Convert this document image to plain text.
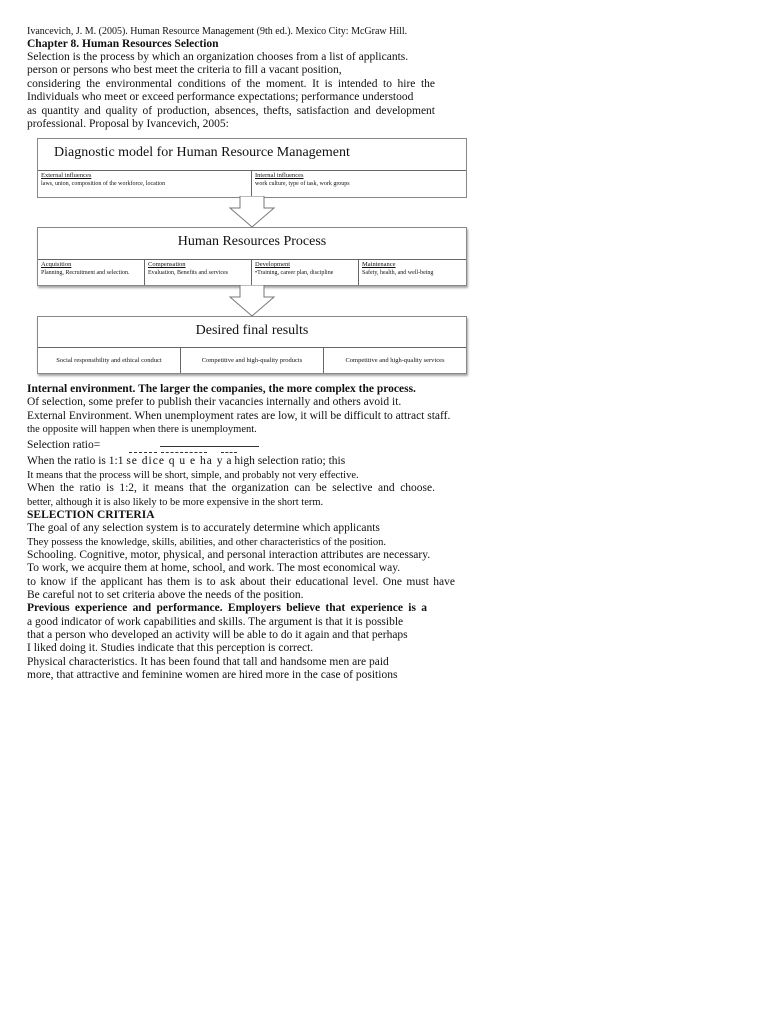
Ivancevich, J. M. (2005). Human Resource Management (9th ed.). Mexico City: McGraw Hill.
Chapter 8. Human Resources Selection
Selection is the process by which an organization chooses from a list of applicants.
person or persons who best meet the criteria to fill a vacant position,
considering the environmental conditions of the moment. It is intended to hire the
Individuals who meet or exceed performance expectations; performance understood
as quantity and quality of production, absences, thefts, satisfaction and development
professional. Proposal by Ivancevich, 2005:
Diagnostic model for Human Resource Management
External influences
laws, union, composition of the workforce, location
Internal influences
work culture, type of task, work groups
Human Resources Process
Acquisition
Planning, Recruitment and selection.
Compensation
Evaluation, Benefits and services
Development
•Training, career plan, discipline
Maintenance
Safety, health, and well-being
Desired final results
Social responsibility and ethical conduct	Competitive and high-quality products	Competitive and high-quality services
Internal environment. The larger the companies, the more complex the process.
Of selection, some prefer to publish their vacancies internally and others avoid it.
External Environment. When unemployment rates are low, it will be difficult to attract staff.
the opposite will happen when there is unemployment.
Selection ratio=
When the ratio is 1:1 se dice q u e ha y a high selection ratio; this
It means that the process will be short, simple, and probably not very effective.
When the ratio is 1:2, it means that the organization can be selective and choose.
better, although it is also likely to be more expensive in the short term.
SELECTION CRITERIA
The goal of any selection system is to accurately determine which applicants
They possess the knowledge, skills, abilities, and other characteristics of the position.
Schooling. Cognitive, motor, physical, and personal interaction attributes are necessary.
To work, we acquire them at home, school, and work. The most economical way.
to know if the applicant has them is to ask about their educational level. One must have
Be careful not to set criteria above the needs of the position.
Previous experience and performance. Employers believe that experience is a
a good indicator of work capabilities and skills. The argument is that it is possible
that a person who developed an activity will be able to do it again and that perhaps
I liked doing it. Studies indicate that this perception is correct.
Physical characteristics. It has been found that tall and handsome men are paid
more, that attractive and feminine women are hired more in the case of positions
